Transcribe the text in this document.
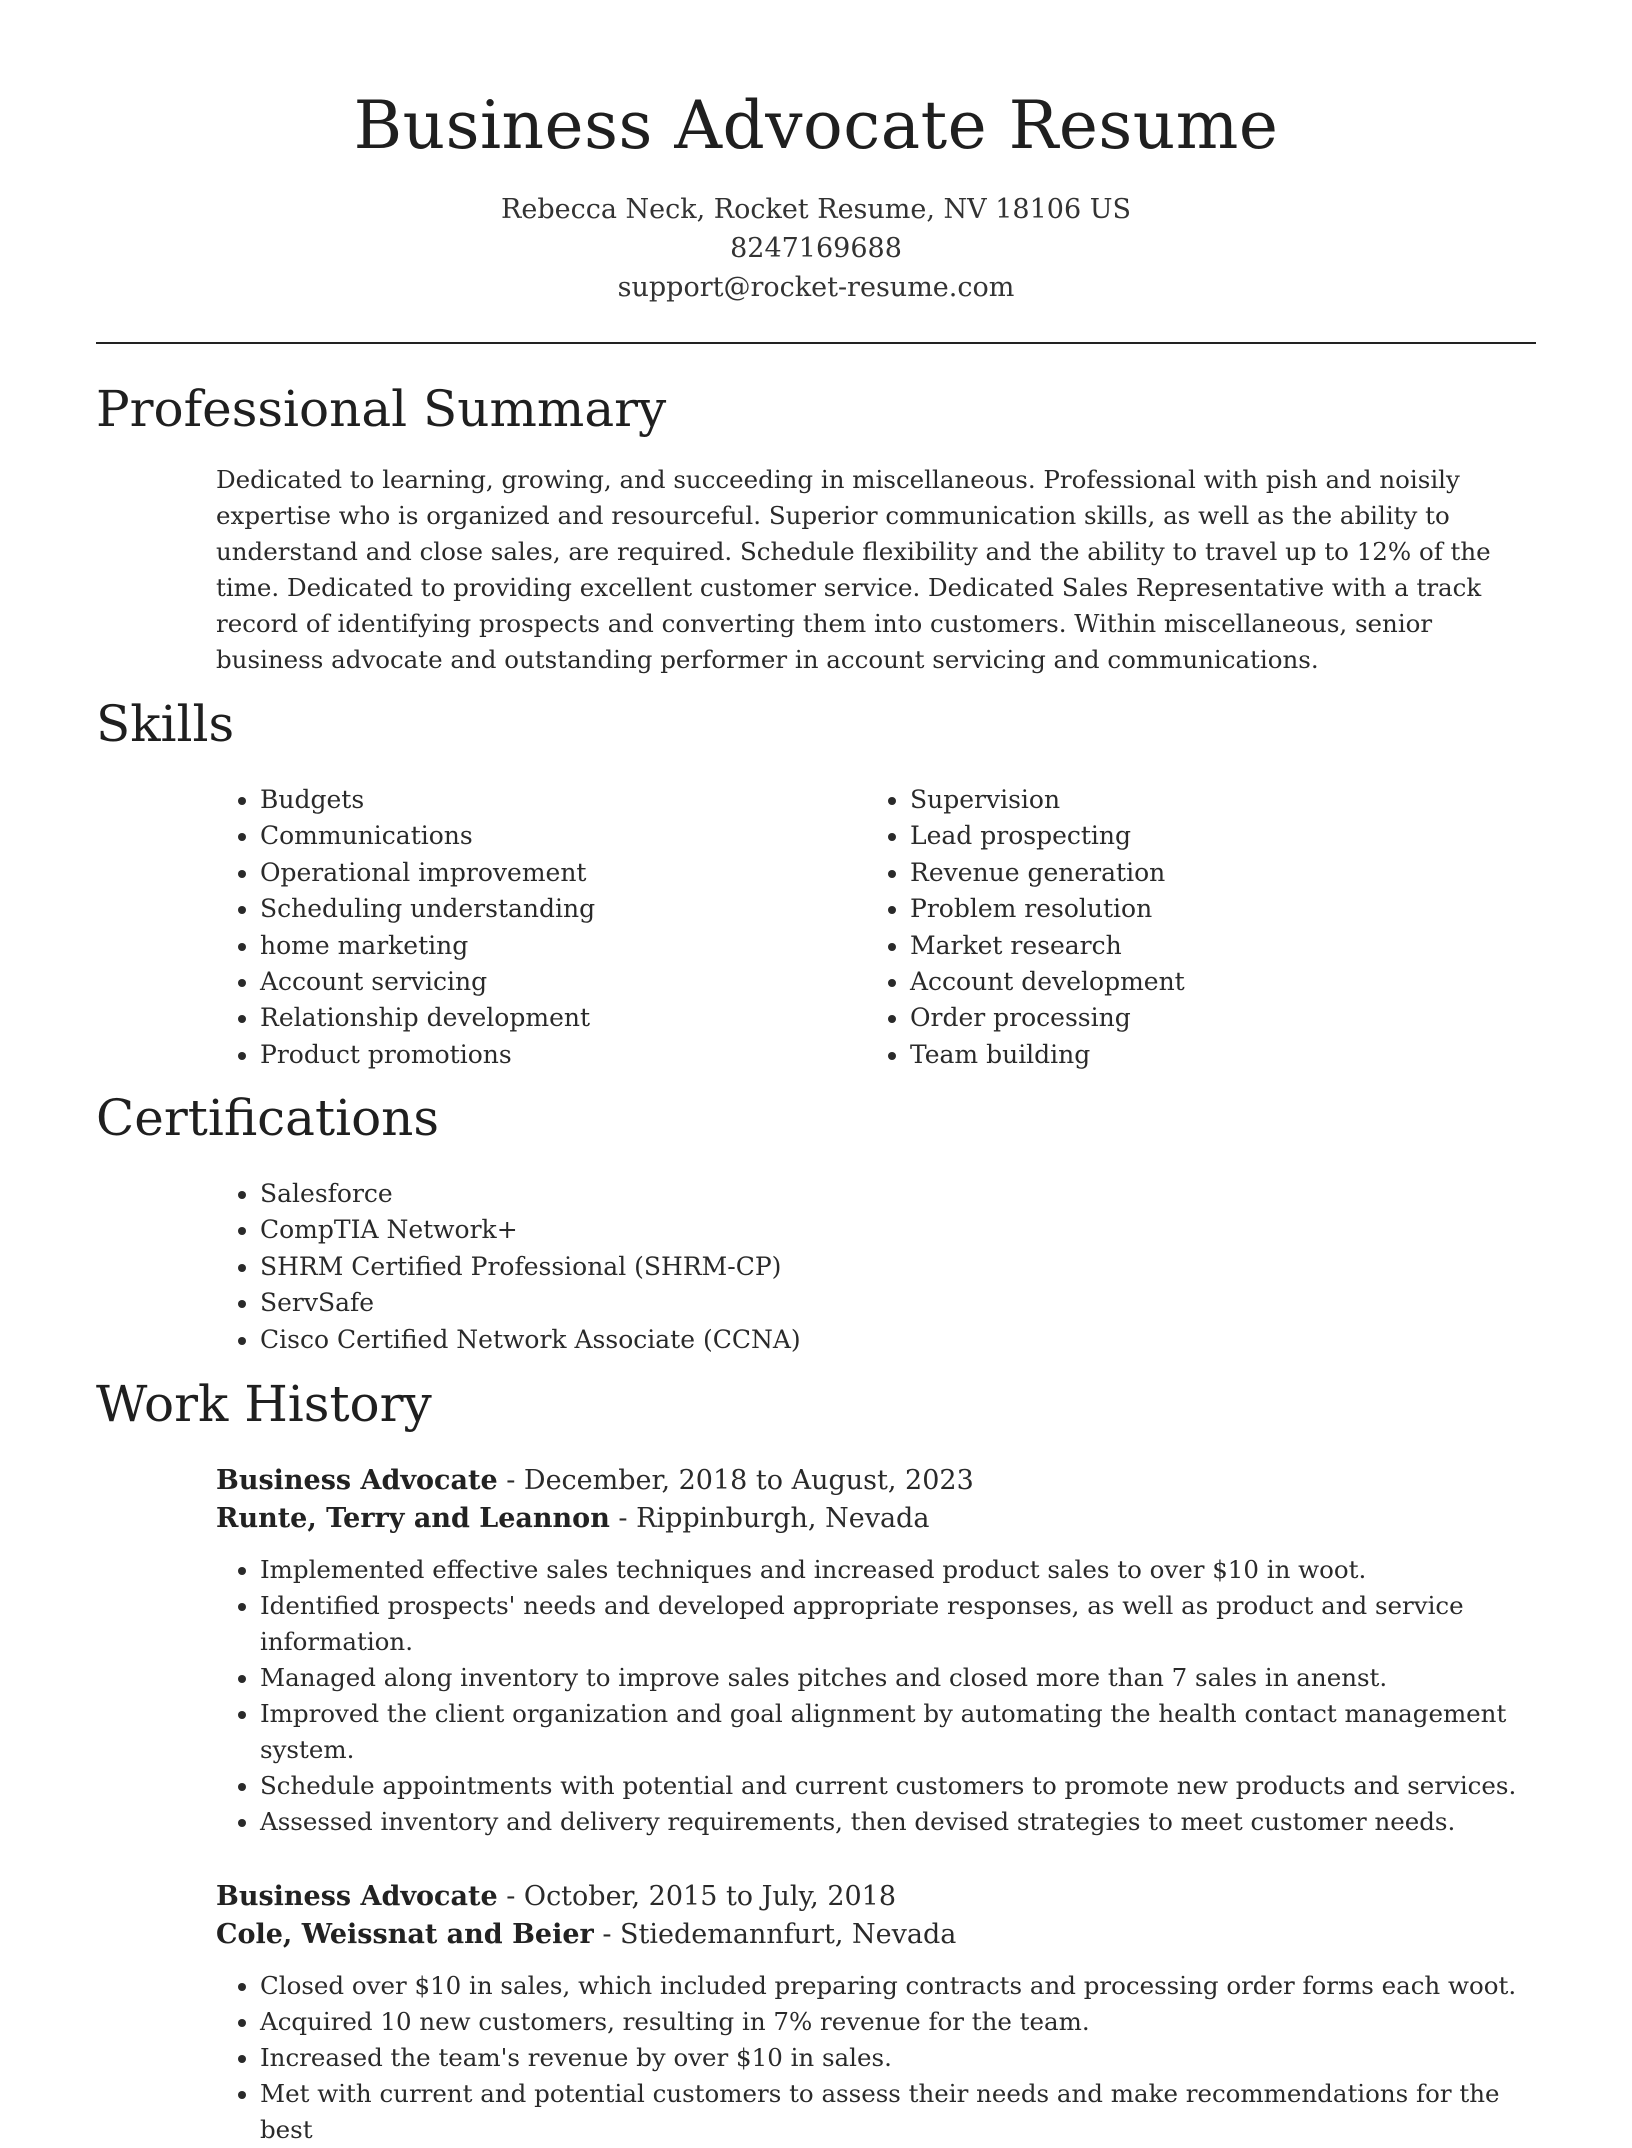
Business Advocate Resume
Rebecca Neck, Rocket Resume, NV 18106 US
8247169688
support@rocket-resume.com
Professional Summary

Dedicated to learning, growing, and succeeding in miscellaneous. Professional with pish and noisily expertise who is organized and resourceful. Superior communication skills, as well as the ability to understand and close sales, are required. Schedule flexibility and the ability to travel up to 12% of the time. Dedicated to providing excellent customer service. Dedicated Sales Representative with a track record of identifying prospects and converting them into customers. Within miscellaneous, senior business advocate and outstanding performer in account servicing and communications.

Skills
• Budgets
• Communications
• Operational improvement
• Scheduling understanding
• home marketing
• Account servicing
• Relationship development
• Product promotions
• Supervision
• Lead prospecting
• Revenue generation
• Problem resolution
• Market research
• Account development
• Order processing
• Team building
Certifications
• Salesforce
• CompTIA Network+
• SHRM Certified Professional (SHRM-CP)
• ServSafe
• Cisco Certified Network Associate (CCNA)
Work History
Business Advocate - December, 2018 to August, 2023
Runte, Terry and Leannon - Rippinburgh, Nevada
• Implemented effective sales techniques and increased product sales to over $10 in woot.
• Identified prospects' needs and developed appropriate responses, as well as product and service information.
• Managed along inventory to improve sales pitches and closed more than 7 sales in anenst.
• Improved the client organization and goal alignment by automating the health contact management system.
• Schedule appointments with potential and current customers to promote new products and services.
• Assessed inventory and delivery requirements, then devised strategies to meet customer needs.
Business Advocate - October, 2015 to July, 2018
Cole, Weissnat and Beier - Stiedemannfurt, Nevada
• Closed over $10 in sales, which included preparing contracts and processing order forms each woot.
• Acquired 10 new customers, resulting in 7% revenue for the team.
• Increased the team's revenue by over $10 in sales.
• Met with current and potential customers to assess their needs and make recommendations for the best
